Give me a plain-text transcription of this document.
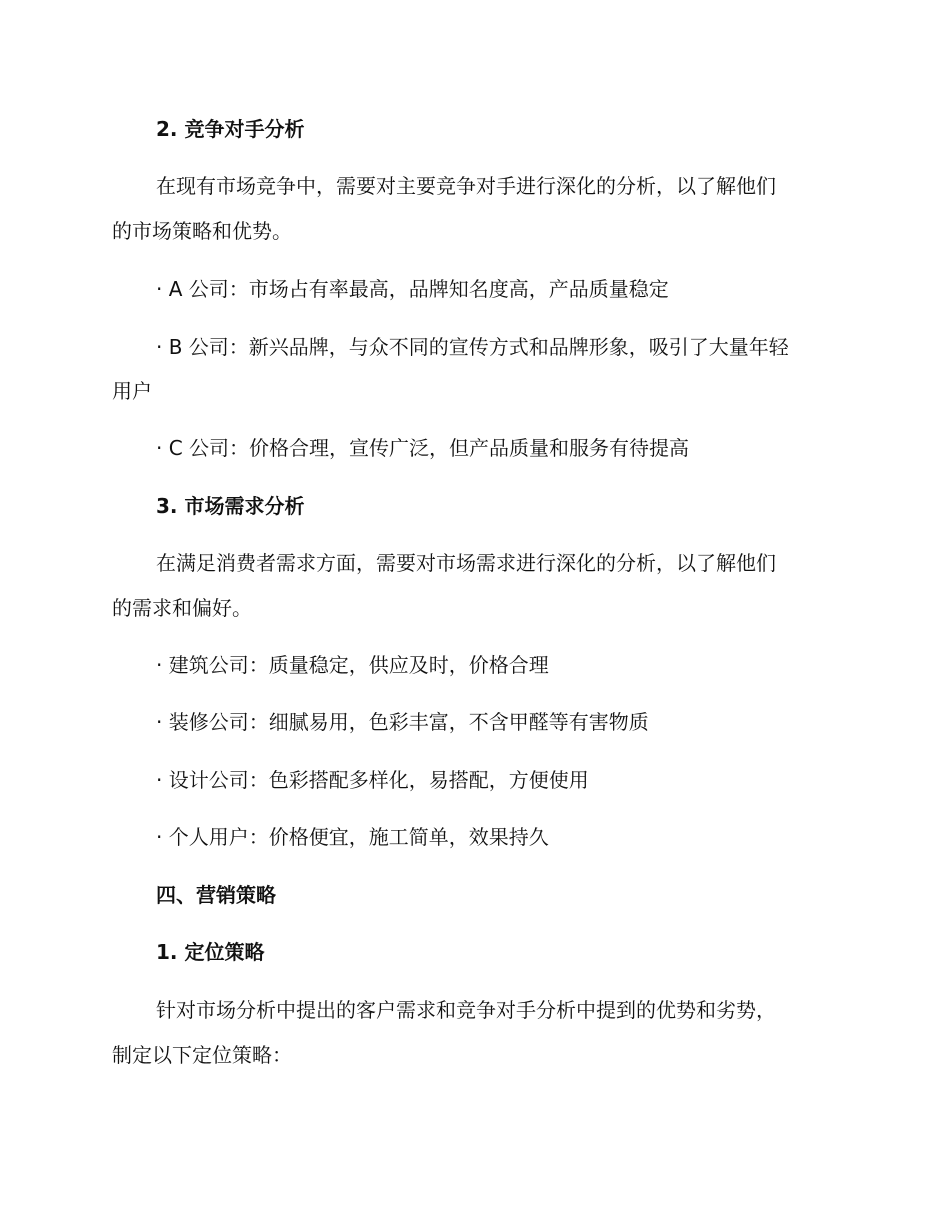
2. 竞争对手分析
在现有市场竞争中，需要对主要竞争对手进行深化的分析，以了解他们
的市场策略和优势。
· A 公司：市场占有率最高，品牌知名度高，产品质量稳定
· B 公司：新兴品牌，与众不同的宣传方式和品牌形象，吸引了大量年轻
用户
· C 公司：价格合理，宣传广泛，但产品质量和服务有待提高
3. 市场需求分析
在满足消费者需求方面，需要对市场需求进行深化的分析，以了解他们
的需求和偏好。
· 建筑公司：质量稳定，供应及时，价格合理
· 装修公司：细腻易用，色彩丰富，不含甲醛等有害物质
· 设计公司：色彩搭配多样化，易搭配，方便使用
· 个人用户：价格便宜，施工简单，效果持久
四、营销策略
1. 定位策略
针对市场分析中提出的客户需求和竞争对手分析中提到的优势和劣势，
制定以下定位策略：
